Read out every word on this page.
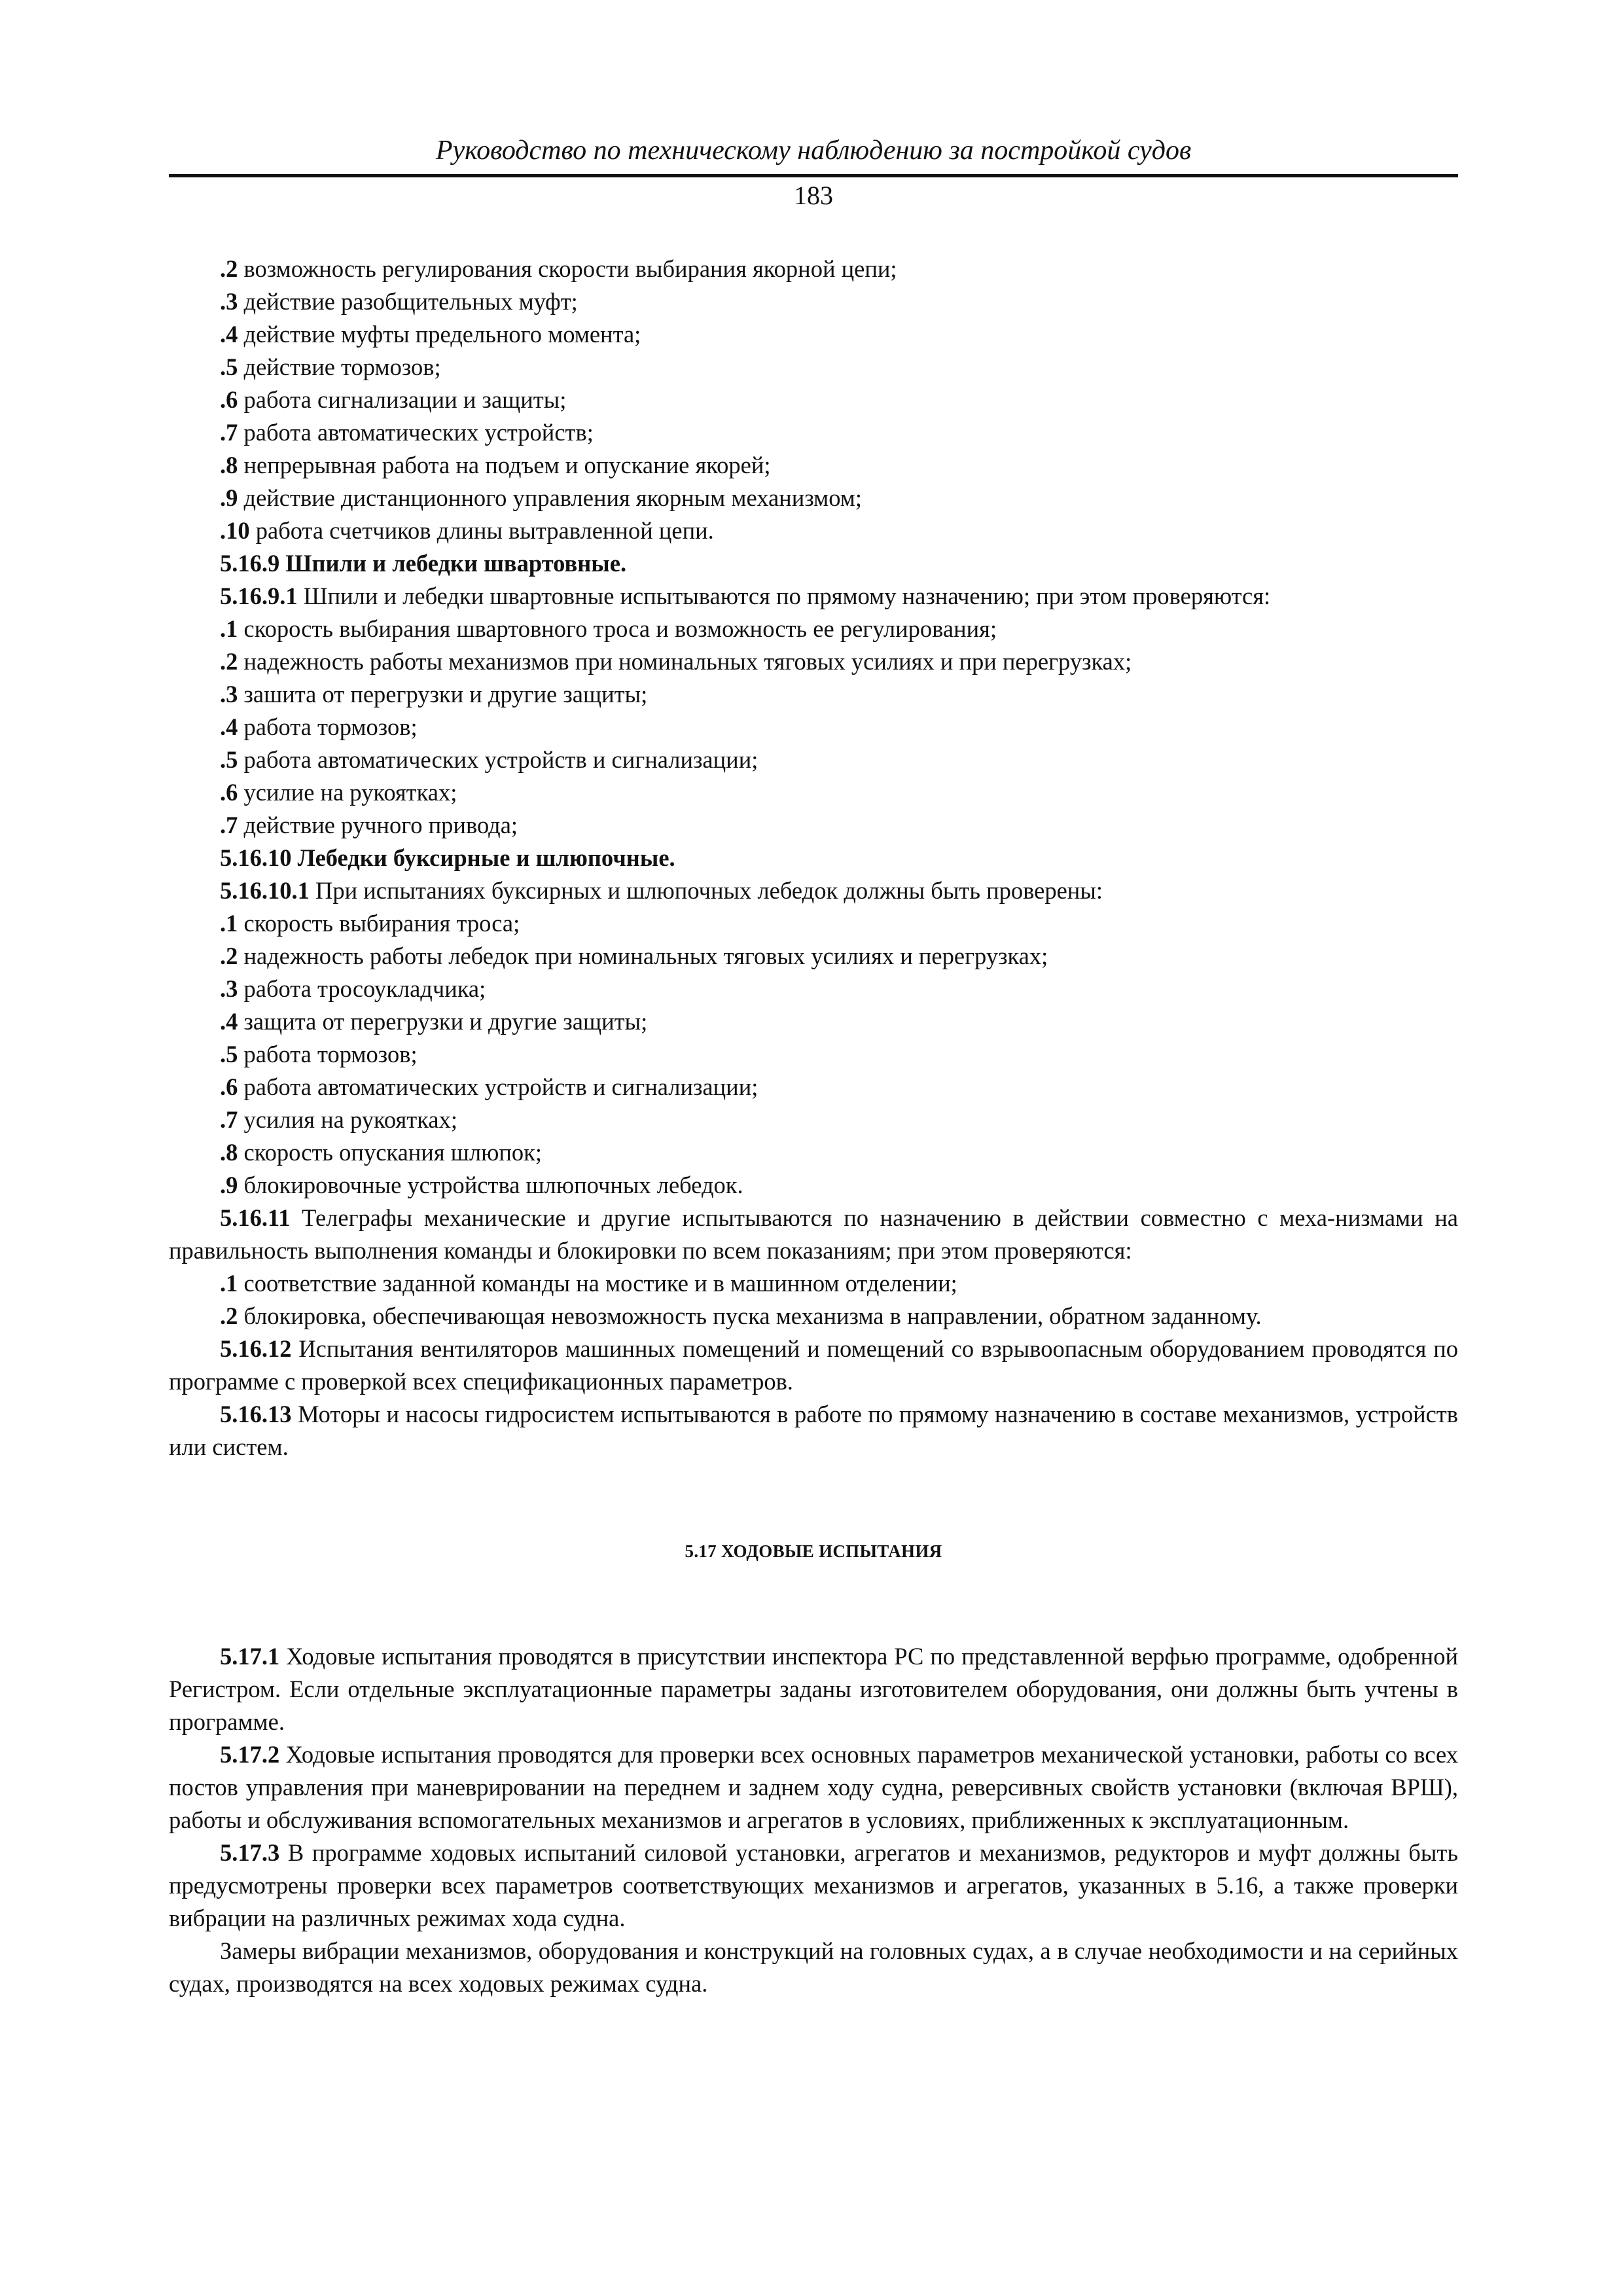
Руководство по техническому наблюдению за постройкой судов
183

.2 возможность регулирования скорости выбирания якорной цепи;

.3 действие разобщительных муфт;

.4 действие муфты предельного момента;

.5 действие тормозов;

.6 работа сигнализации и защиты;

.7 работа автоматических устройств;

.8 непрерывная работа на подъем и опускание якорей;

.9 действие дистанционного управления якорным механизмом;

.10 работа счетчиков длины вытравленной цепи.

5.16.9 Шпили и лебедки швартовные.

5.16.9.1 Шпили и лебедки швартовные испытываются по прямому назначению; при этом проверяются:

.1 скорость выбирания швартовного троса и возможность ее регулирования;

.2 надежность работы механизмов при номинальных тяговых усилиях и при перегрузках;

.3 зашита от перегрузки и другие защиты;

.4 работа тормозов;

.5 работа автоматических устройств и сигнализации;

.6 усилие на рукоятках;

.7 действие ручного привода;

5.16.10 Лебедки буксирные и шлюпочные.

5.16.10.1 При испытаниях буксирных и шлюпочных лебедок должны быть проверены:

.1 скорость выбирания троса;

.2 надежность работы лебедок при номинальных тяговых усилиях и перегрузках;

.3 работа тросоукладчика;

.4 защита от перегрузки и другие защиты;

.5 работа тормозов;

.6 работа автоматических устройств и сигнализации;

.7 усилия на рукоятках;

.8 скорость опускания шлюпок;

.9 блокировочные устройства шлюпочных лебедок.

5.16.11 Телеграфы механические и другие испытываются по назначению в действии совместно с меха-низмами на правильность выполнения команды и блокировки по всем показаниям; при этом проверяются:

.1 соответствие заданной команды на мостике и в машинном отделении;

.2 блокировка, обеспечивающая невозможность пуска механизма в направлении, обратном заданному.

5.16.12 Испытания вентиляторов машинных помещений и помещений со взрывоопасным оборудованием проводятся по программе с проверкой всех спецификационных параметров.

5.16.13 Моторы и насосы гидросистем испытываются в работе по прямому назначению в составе механизмов, устройств или систем.

5.17 ХОДОВЫЕ ИСПЫТАНИЯ

5.17.1 Ходовые испытания проводятся в присутствии инспектора РС по представленной верфью программе, одобренной Регистром. Если отдельные эксплуатационные параметры заданы изготовителем оборудования, они должны быть учтены в программе.

5.17.2 Ходовые испытания проводятся для проверки всех основных параметров механической установки, работы со всех постов управления при маневрировании на переднем и заднем ходу судна, реверсивных свойств установки (включая ВРШ), работы и обслуживания вспомогательных механизмов и агрегатов в условиях, приближенных к эксплуатационным.

5.17.3 В программе ходовых испытаний силовой установки, агрегатов и механизмов, редукторов и муфт должны быть предусмотрены проверки всех параметров соответствующих механизмов и агрегатов, указанных в 5.16, а также проверки вибрации на различных режимах хода судна.

Замеры вибрации механизмов, оборудования и конструкций на головных судах, а в случае необходимости и на серийных судах, производятся на всех ходовых режимах судна.
